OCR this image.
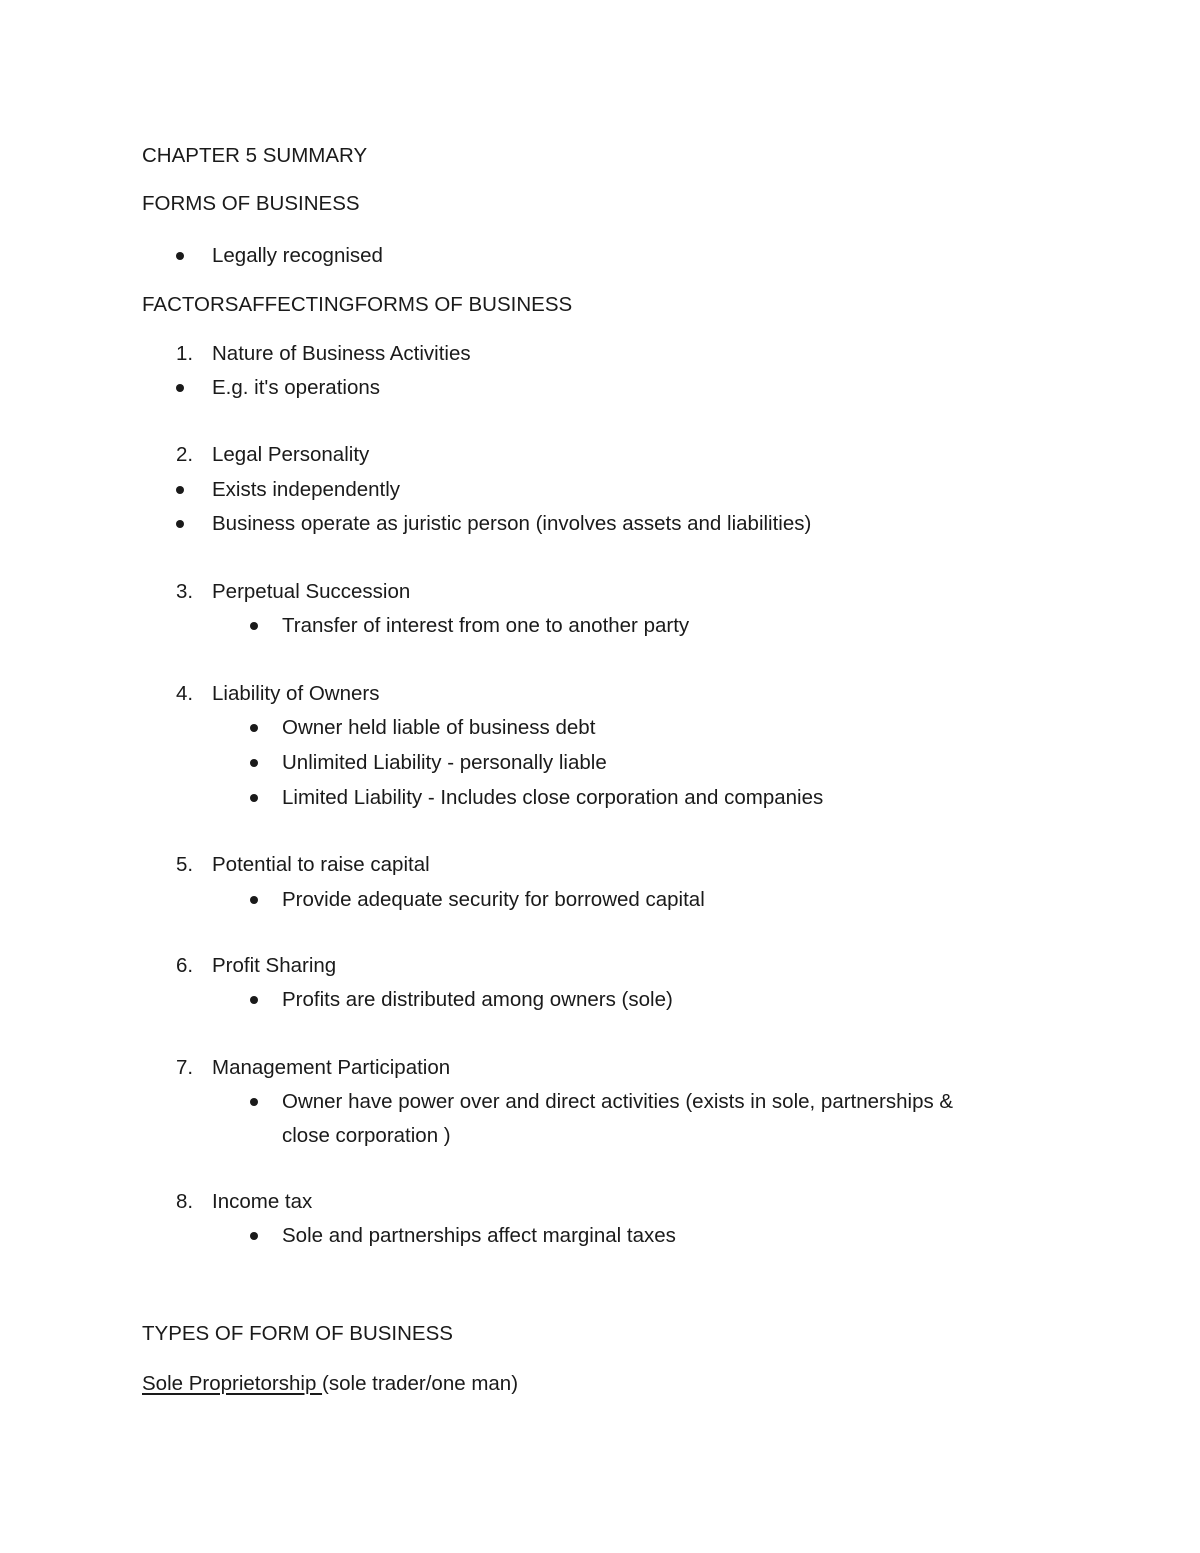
CHAPTER 5 SUMMARY
FORMS OF BUSINESS
Legally recognised
FACTORSAFFECTINGFORMS OF BUSINESS
1. Nature of Business Activities
E.g. it's operations
2. Legal Personality
Exists independently
Business operate as juristic person (involves assets and liabilities)
3. Perpetual Succession
Transfer of interest from one to another party
4. Liability of Owners
Owner held liable of business debt
Unlimited Liability - personally liable
Limited Liability - Includes close corporation and companies
5. Potential to raise capital
Provide adequate security for borrowed capital
6. Profit Sharing
Profits are distributed among owners (sole)
7. Management Participation
Owner have power over and direct activities (exists in sole, partnerships &
close corporation )
8. Income tax
Sole and partnerships affect marginal taxes
TYPES OF FORM OF BUSINESS
Sole Proprietorship (sole trader/one man)
